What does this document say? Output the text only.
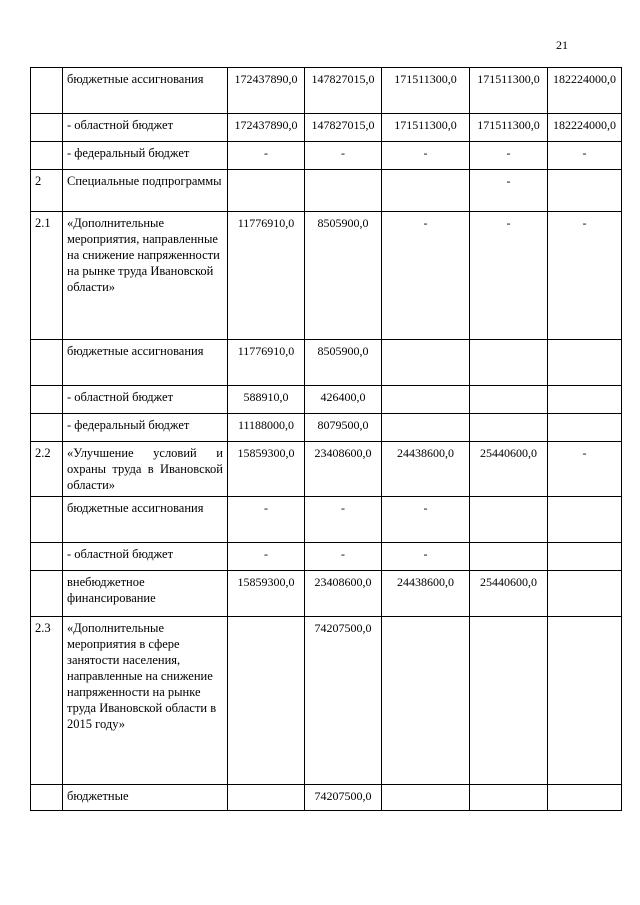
21
	бюджетные ассигнования	172437890,0	147827015,0	171511300,0	171511300,0	182224000,0
	- областной бюджет	172437890,0	147827015,0	171511300,0	171511300,0	182224000,0
	- федеральный бюджет	-	-	-	-	-
2	Специальные подпрограммы				-	
2.1	«Дополнительные мероприятия, направленные на снижение напряженности на рынке труда Ивановской области»	11776910,0	8505900,0	-	-	-
	бюджетные ассигнования	11776910,0	8505900,0			
	- областной бюджет	588910,0	426400,0			
	- федеральный бюджет	11188000,0	8079500,0			
2.2	«Улучшение условий и охраны труда в Ивановской области»	15859300,0	23408600,0	24438600,0	25440600,0	-
	бюджетные ассигнования	-	-	-		
	- областной бюджет	-	-	-		
	внебюджетное финансирование	15859300,0	23408600,0	24438600,0	25440600,0	
2.3	«Дополнительные мероприятия в сфере занятости населения, направленные на снижение напряженности на рынке труда Ивановской области в 2015 году»		74207500,0			
	бюджетные		74207500,0			
